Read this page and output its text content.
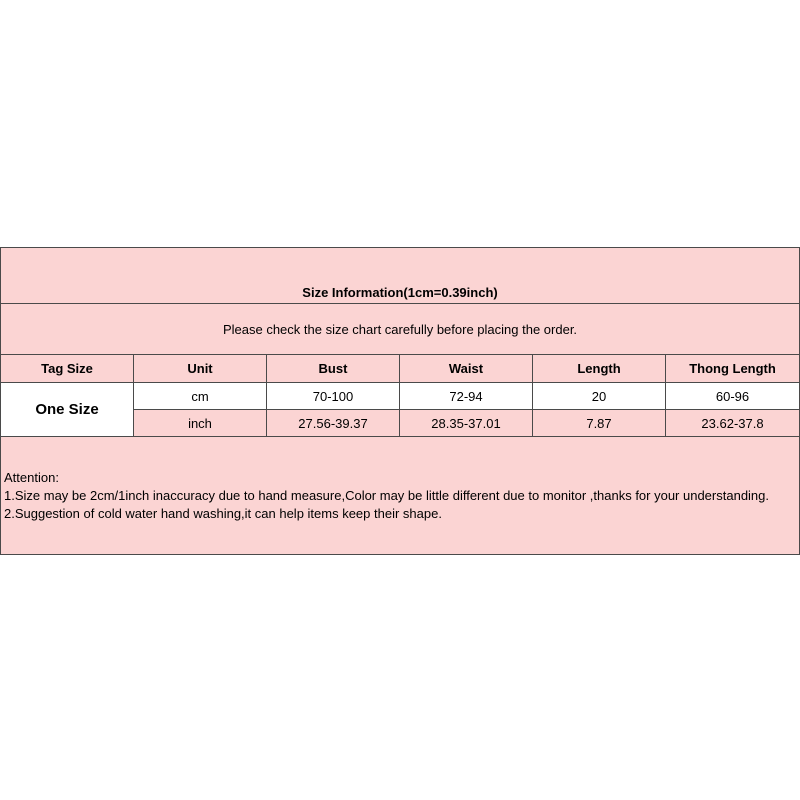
Size Information(1cm=0.39inch)					
Please check the size chart carefully before placing the order.					
Tag Size	Unit	Bust	Waist	Length	Thong Length
One Size	cm	70-100	72-94	20	60-96
	inch	27.56-39.37	28.35-37.01	7.87	23.62-37.8

Attention:
1.Size may be 2cm/1inch inaccuracy due to hand measure,Color may be little different due to monitor ,thanks for your understanding.
2.Suggestion of cold water hand washing,it can help items keep their shape.					
